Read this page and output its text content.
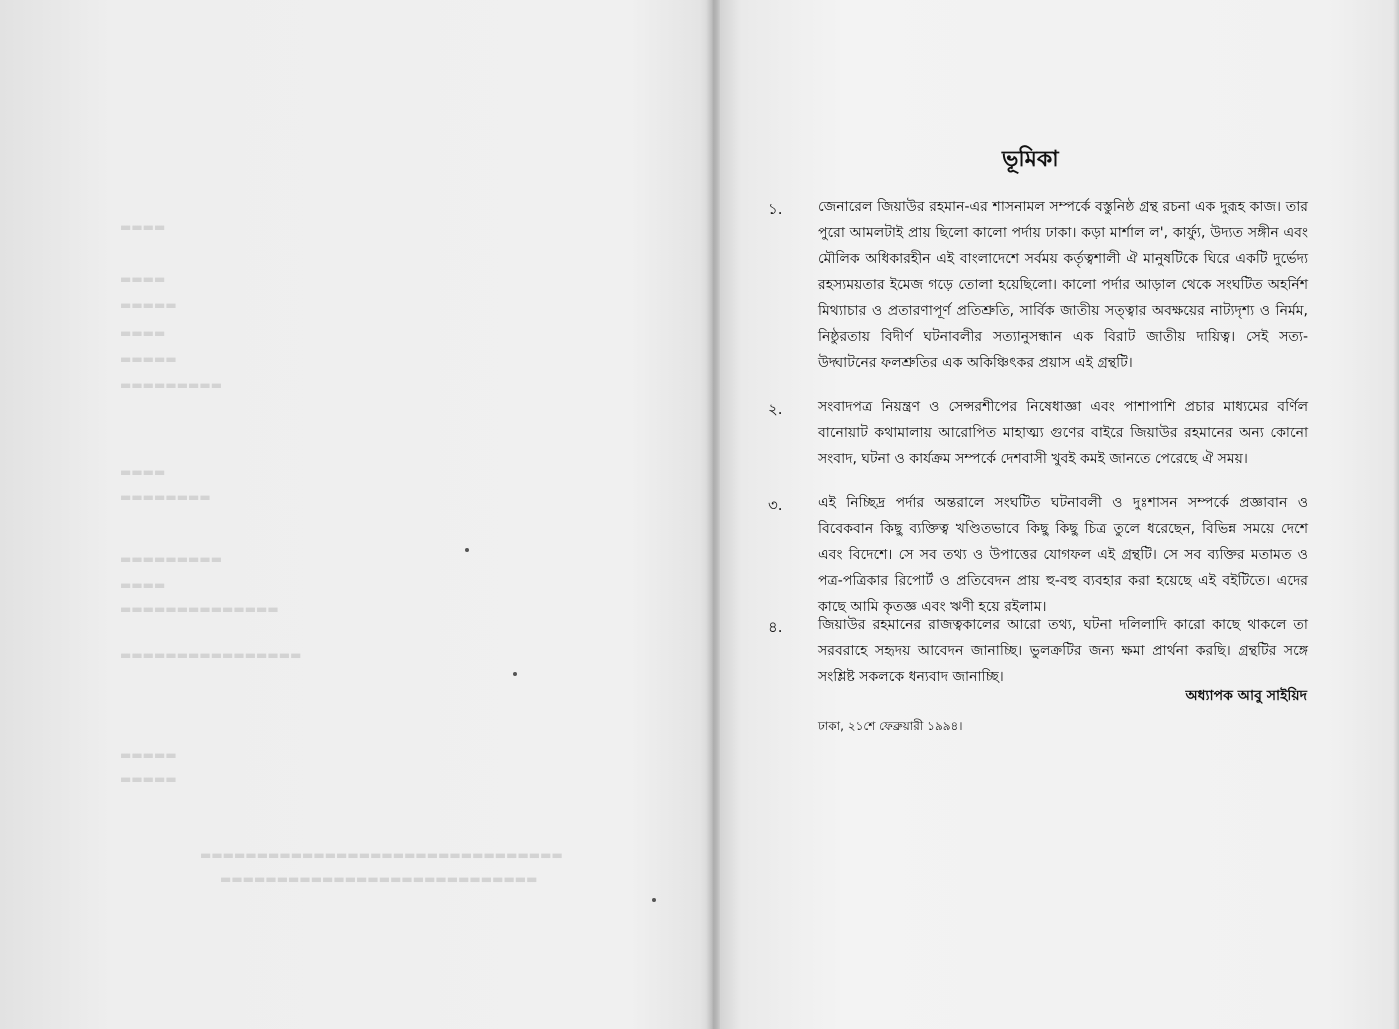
▬▬▬▬
▬▬▬▬
▬▬▬▬▬
▬▬▬▬
▬▬▬▬▬
▬▬▬▬▬▬▬▬▬
▬▬▬▬
▬▬▬▬▬▬▬▬
▬▬▬▬▬▬▬▬▬
▬▬▬▬
▬▬▬▬▬▬▬▬▬▬▬▬▬▬
▬▬▬▬▬▬▬▬▬▬▬▬▬▬▬▬
▬▬▬▬▬
▬▬▬▬▬
▬▬▬▬▬▬▬▬▬▬▬▬▬▬▬▬▬▬▬▬▬▬▬▬▬▬▬▬▬▬▬▬
▬▬▬▬▬▬▬▬▬▬▬▬▬▬▬▬▬▬▬▬▬▬▬▬▬▬▬▬
ভূমিকা
১.	জেনারেল জিয়াউর রহমান-এর শাসনামল সম্পর্কে বস্তুনিষ্ঠ গ্রন্থ রচনা এক দুরূহ কাজ। তার পুরো আমলটাই প্রায় ছিলো কালো পর্দায় ঢাকা। কড়া মার্শাল ল', কার্ফ্যু, উদ্যত সঙ্গীন এবং মৌলিক অধিকারহীন এই বাংলাদেশে সর্বময় কর্তৃত্বশালী ঐ মানুষটিকে ঘিরে একটি দুর্ভেদ্য রহস্যময়তার ইমেজ গড়ে তোলা হয়েছিলো। কালো পর্দার আড়াল থেকে সংঘটিত অহর্নিশ মিথ্যাচার ও প্রতারণাপূর্ণ প্রতিশ্রুতি, সার্বিক জাতীয় সত্ত্বার অবক্ষয়ের নাট্যদৃশ্য ও নির্মম, নিষ্ঠুরতায় বিদীর্ণ ঘটনাবলীর সত্যানুসন্ধান এক বিরাট জাতীয় দায়িত্ব। সেই সত্য-উদ্ঘাটনের ফলশ্রুতির এক অকিঞ্চিৎকর প্রয়াস এই গ্রন্থটি।

২.	সংবাদপত্র নিয়ন্ত্রণ ও সেন্সরশীপের নিষেধাজ্ঞা এবং পাশাপাশি প্রচার মাধ্যমের বর্ণিল বানোয়াট কথামালায় আরোপিত মাহাত্ম্য গুণের বাইরে জিয়াউর রহমানের অন্য কোনো সংবাদ, ঘটনা ও কার্যক্রম সম্পর্কে দেশবাসী খুবই কমই জানতে পেরেছে ঐ সময়।

৩.	এই নিচ্ছিদ্র পর্দার অন্তরালে সংঘটিত ঘটনাবলী ও দুঃশাসন সম্পর্কে প্রজ্ঞাবান ও বিবেকবান কিছু ব্যক্তিত্ব খণ্ডিতভাবে কিছু কিছু চিত্র তুলে ধরেছেন, বিভিন্ন সময়ে দেশে এবং বিদেশে। সে সব তথ্য ও উপাত্তের যোগফল এই গ্রন্থটি। সে সব ব্যক্তির মতামত ও পত্র-পত্রিকার রিপোর্ট ও প্রতিবেদন প্রায় হু-বহু ব্যবহার করা হয়েছে এই বইটিতে। এদের কাছে আমি কৃতজ্ঞ এবং ঋণী হয়ে রইলাম।

৪.	জিয়াউর রহমানের রাজত্বকালের আরো তথ্য, ঘটনা দলিলাদি কারো কাছে থাকলে তা সরবরাহে সহৃদয় আবেদন জানাচ্ছি। ভুলক্রটির জন্য ক্ষমা প্রার্থনা করছি। গ্রন্থটির সঙ্গে সংশ্লিষ্ট সকলকে ধন্যবাদ জানাচ্ছি।

অধ্যাপক আবু সাইয়িদ
ঢাকা, ২১শে ফেব্রুয়ারী ১৯৯৪।
